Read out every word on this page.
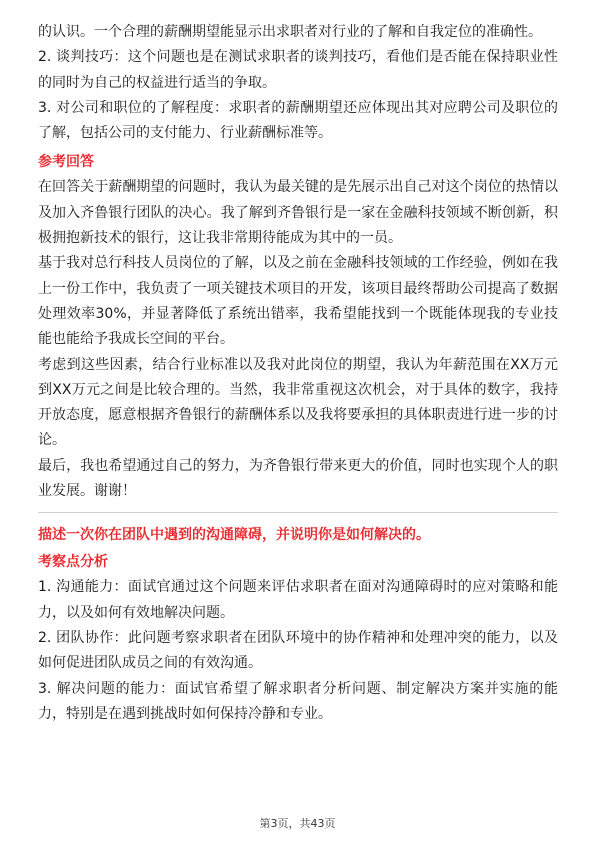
的认识。一个合理的薪酬期望能显示出求职者对行业的了解和自我定位的准确性。

2. 谈判技巧：这个问题也是在测试求职者的谈判技巧，看他们是否能在保持职业性的同时为自己的权益进行适当的争取。

3. 对公司和职位的了解程度：求职者的薪酬期望还应体现出其对应聘公司及职位的了解，包括公司的支付能力、行业薪酬标准等。

参考回答

在回答关于薪酬期望的问题时，我认为最关键的是先展示出自己对这个岗位的热情以及加入齐鲁银行团队的决心。我了解到齐鲁银行是一家在金融科技领域不断创新，积极拥抱新技术的银行，这让我非常期待能成为其中的一员。

基于我对总行科技人员岗位的了解，以及之前在金融科技领域的工作经验，例如在我上一份工作中，我负责了一项关键技术项目的开发，该项目最终帮助公司提高了数据处理效率30%，并显著降低了系统出错率，我希望能找到一个既能体现我的专业技能也能给予我成长空间的平台。

考虑到这些因素，结合行业标准以及我对此岗位的期望，我认为年薪范围在XX万元到XX万元之间是比较合理的。当然，我非常重视这次机会，对于具体的数字，我持开放态度，愿意根据齐鲁银行的薪酬体系以及我将要承担的具体职责进行进一步的讨论。

最后，我也希望通过自己的努力，为齐鲁银行带来更大的价值，同时也实现个人的职业发展。谢谢！

描述一次你在团队中遇到的沟通障碍，并说明你是如何解决的。

考察点分析

1. 沟通能力：面试官通过这个问题来评估求职者在面对沟通障碍时的应对策略和能力，以及如何有效地解决问题。

2. 团队协作：此问题考察求职者在团队环境中的协作精神和处理冲突的能力，以及如何促进团队成员之间的有效沟通。

3. 解决问题的能力：面试官希望了解求职者分析问题、制定解决方案并实施的能力，特别是在遇到挑战时如何保持冷静和专业。

第3页，共43页
